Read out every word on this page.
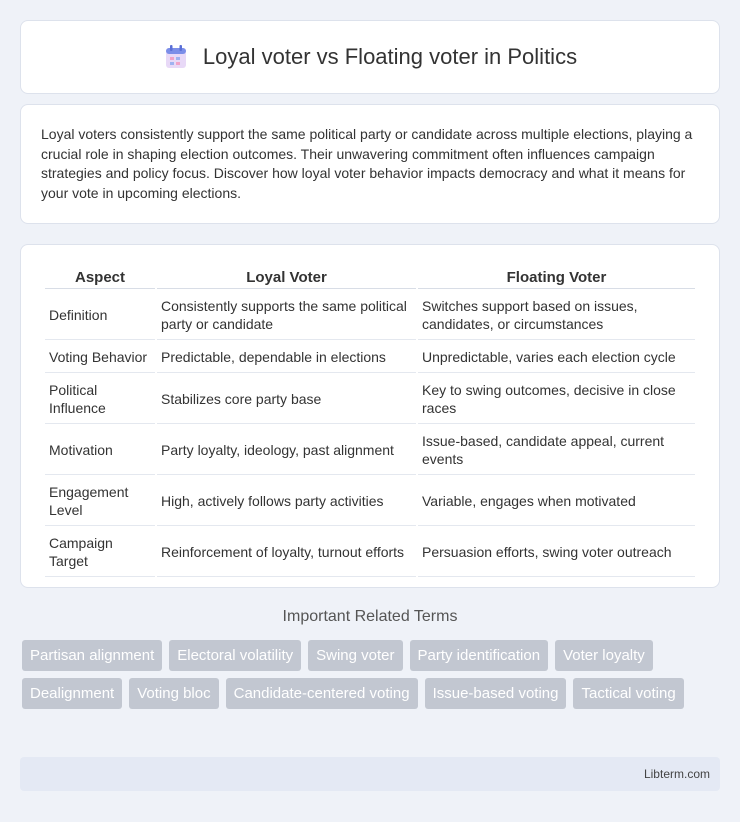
Loyal voter vs Floating voter in Politics

Loyal voters consistently support the same political party or candidate across multiple elections, playing a crucial role in shaping election outcomes. Their unwavering commitment often influences campaign strategies and policy focus. Discover how loyal voter behavior impacts democracy and what it means for your vote in upcoming elections.

Aspect	Loyal Voter	Floating Voter
Definition	Consistently supports the same political party or candidate	Switches support based on issues, candidates, or circumstances
Voting Behavior	Predictable, dependable in elections	Unpredictable, varies each election cycle
Political Influence	Stabilizes core party base	Key to swing outcomes, decisive in close races
Motivation	Party loyalty, ideology, past alignment	Issue-based, candidate appeal, current events
Engagement Level	High, actively follows party activities	Variable, engages when motivated
Campaign Target	Reinforcement of loyalty, turnout efforts	Persuasion efforts, swing voter outreach
Important Related Terms
Partisan alignment	Electoral volatility	Swing voter	Party identification	Voter loyalty
Dealignment	Voting bloc	Candidate-centered voting	Issue-based voting	Tactical voting
Libterm.com
